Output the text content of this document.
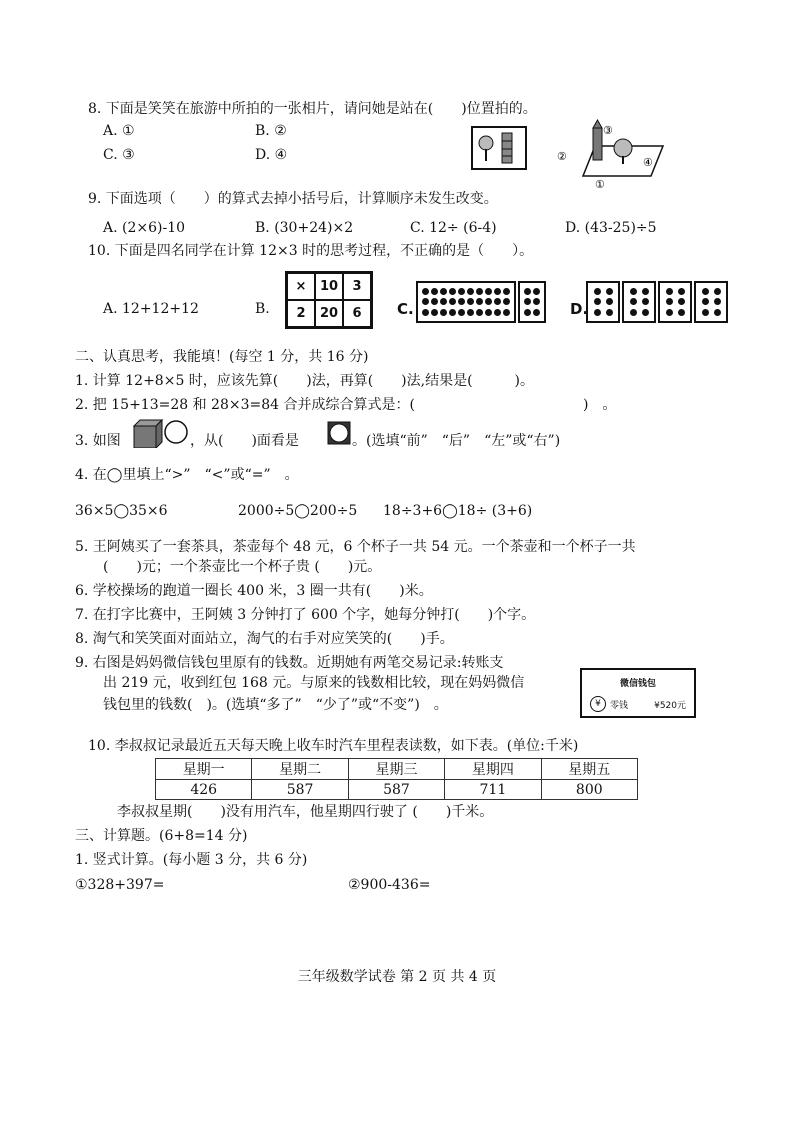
8. 下面是笑笑在旅游中所拍的一张相片，请问她是站在(　　)位置拍的。
A. ①	B. ②
C. ③	D. ④
③
②	④
①
9. 下面选项（　　）的算式去掉小括号后，计算顺序未发生改变。
A. (2×6)-10	B. (30+24)×2	C. 12÷ (6-4)	D. (43-25)÷5
10. 下面是四名同学在计算 12×3 时的思考过程，不正确的是（　　）。
A. 12+12+12	B.
×	10	3
2	20	6	C.	D.
二、认真思考，我能填！(每空 1 分，共 16 分)
1. 计算 12+8×5 时，应该先算(　　)法，再算(　　)法,结果是(　　　)。
2. 把 15+13=28 和 28×3=84 合并成综合算式是：(　　　　　　　　　　　　)　。
3. 如图	，从(　　)面看是	。(选填“前”　“后”　“左”或“右”)
4. 在◯里填上“>”　“<”或“=”　。
36×5◯35×6	2000÷5◯200÷5 18÷3+6◯18÷ (3+6)
5. 王阿姨买了一套茶具，茶壶每个 48 元，6 个杯子一共 54 元。一个茶壶和一个杯子一共
(　　)元；一个茶壶比一个杯子贵 (　　)元。
6. 学校操场的跑道一圈长 400 米，3 圈一共有(　　)米。
7. 在打字比赛中，王阿姨 3 分钟打了 600 个字，她每分钟打(　　)个字。
8. 淘气和笑笑面对面站立，淘气的右手对应笑笑的(　　)手。
9. 右图是妈妈微信钱包里原有的钱数。近期她有两笔交易记录:转账支
出 219 元，收到红包 168 元。与原来的钱数相比较，现在妈妈微信
钱包里的钱数(　)。(选填“多了”　“少了”或“不变”)　。
微信钱包
¥	零钱	¥520元
10. 李叔叔记录最近五天每天晚上收车时汽车里程表读数，如下表。(单位:千米)
星期一	星期二	星期三	星期四	星期五
426	587	587	711	800
李叔叔星期(　　)没有用汽车，他星期四行驶了 (　　)千米。
三、计算题。(6+8=14 分)
1. 竖式计算。(每小题 3 分，共 6 分)
①328+397=	②900-436=
三年级数学试卷 第 2 页 共 4 页
